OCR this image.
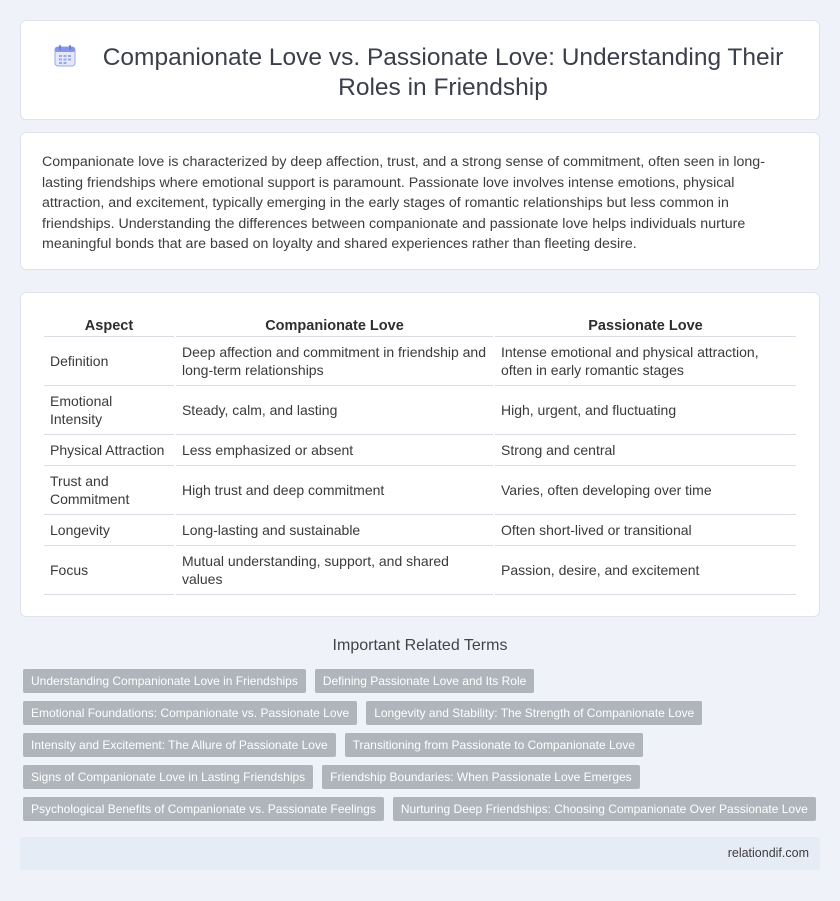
Companionate Love vs. Passionate Love: Understanding Their Roles in Friendship

Companionate love is characterized by deep affection, trust, and a strong sense of commitment, often seen in long-lasting friendships where emotional support is paramount. Passionate love involves intense emotions, physical attraction, and excitement, typically emerging in the early stages of romantic relationships but less common in friendships. Understanding the differences between companionate and passionate love helps individuals nurture meaningful bonds that are based on loyalty and shared experiences rather than fleeting desire.

Aspect	Companionate Love	Passionate Love
Definition	Deep affection and commitment in friendship and long-term relationships	Intense emotional and physical attraction, often in early romantic stages
Emotional Intensity	Steady, calm, and lasting	High, urgent, and fluctuating
Physical Attraction	Less emphasized or absent	Strong and central
Trust and Commitment	High trust and deep commitment	Varies, often developing over time
Longevity	Long-lasting and sustainable	Often short-lived or transitional
Focus	Mutual understanding, support, and shared values	Passion, desire, and excitement
Important Related Terms
Understanding Companionate Love in Friendships	Defining Passionate Love and Its Role
Emotional Foundations: Companionate vs. Passionate Love	Longevity and Stability: The Strength of Companionate Love
Intensity and Excitement: The Allure of Passionate Love	Transitioning from Passionate to Companionate Love
Signs of Companionate Love in Lasting Friendships	Friendship Boundaries: When Passionate Love Emerges
Psychological Benefits of Companionate vs. Passionate Feelings	Nurturing Deep Friendships: Choosing Companionate Over Passionate Love
relationdif.com
